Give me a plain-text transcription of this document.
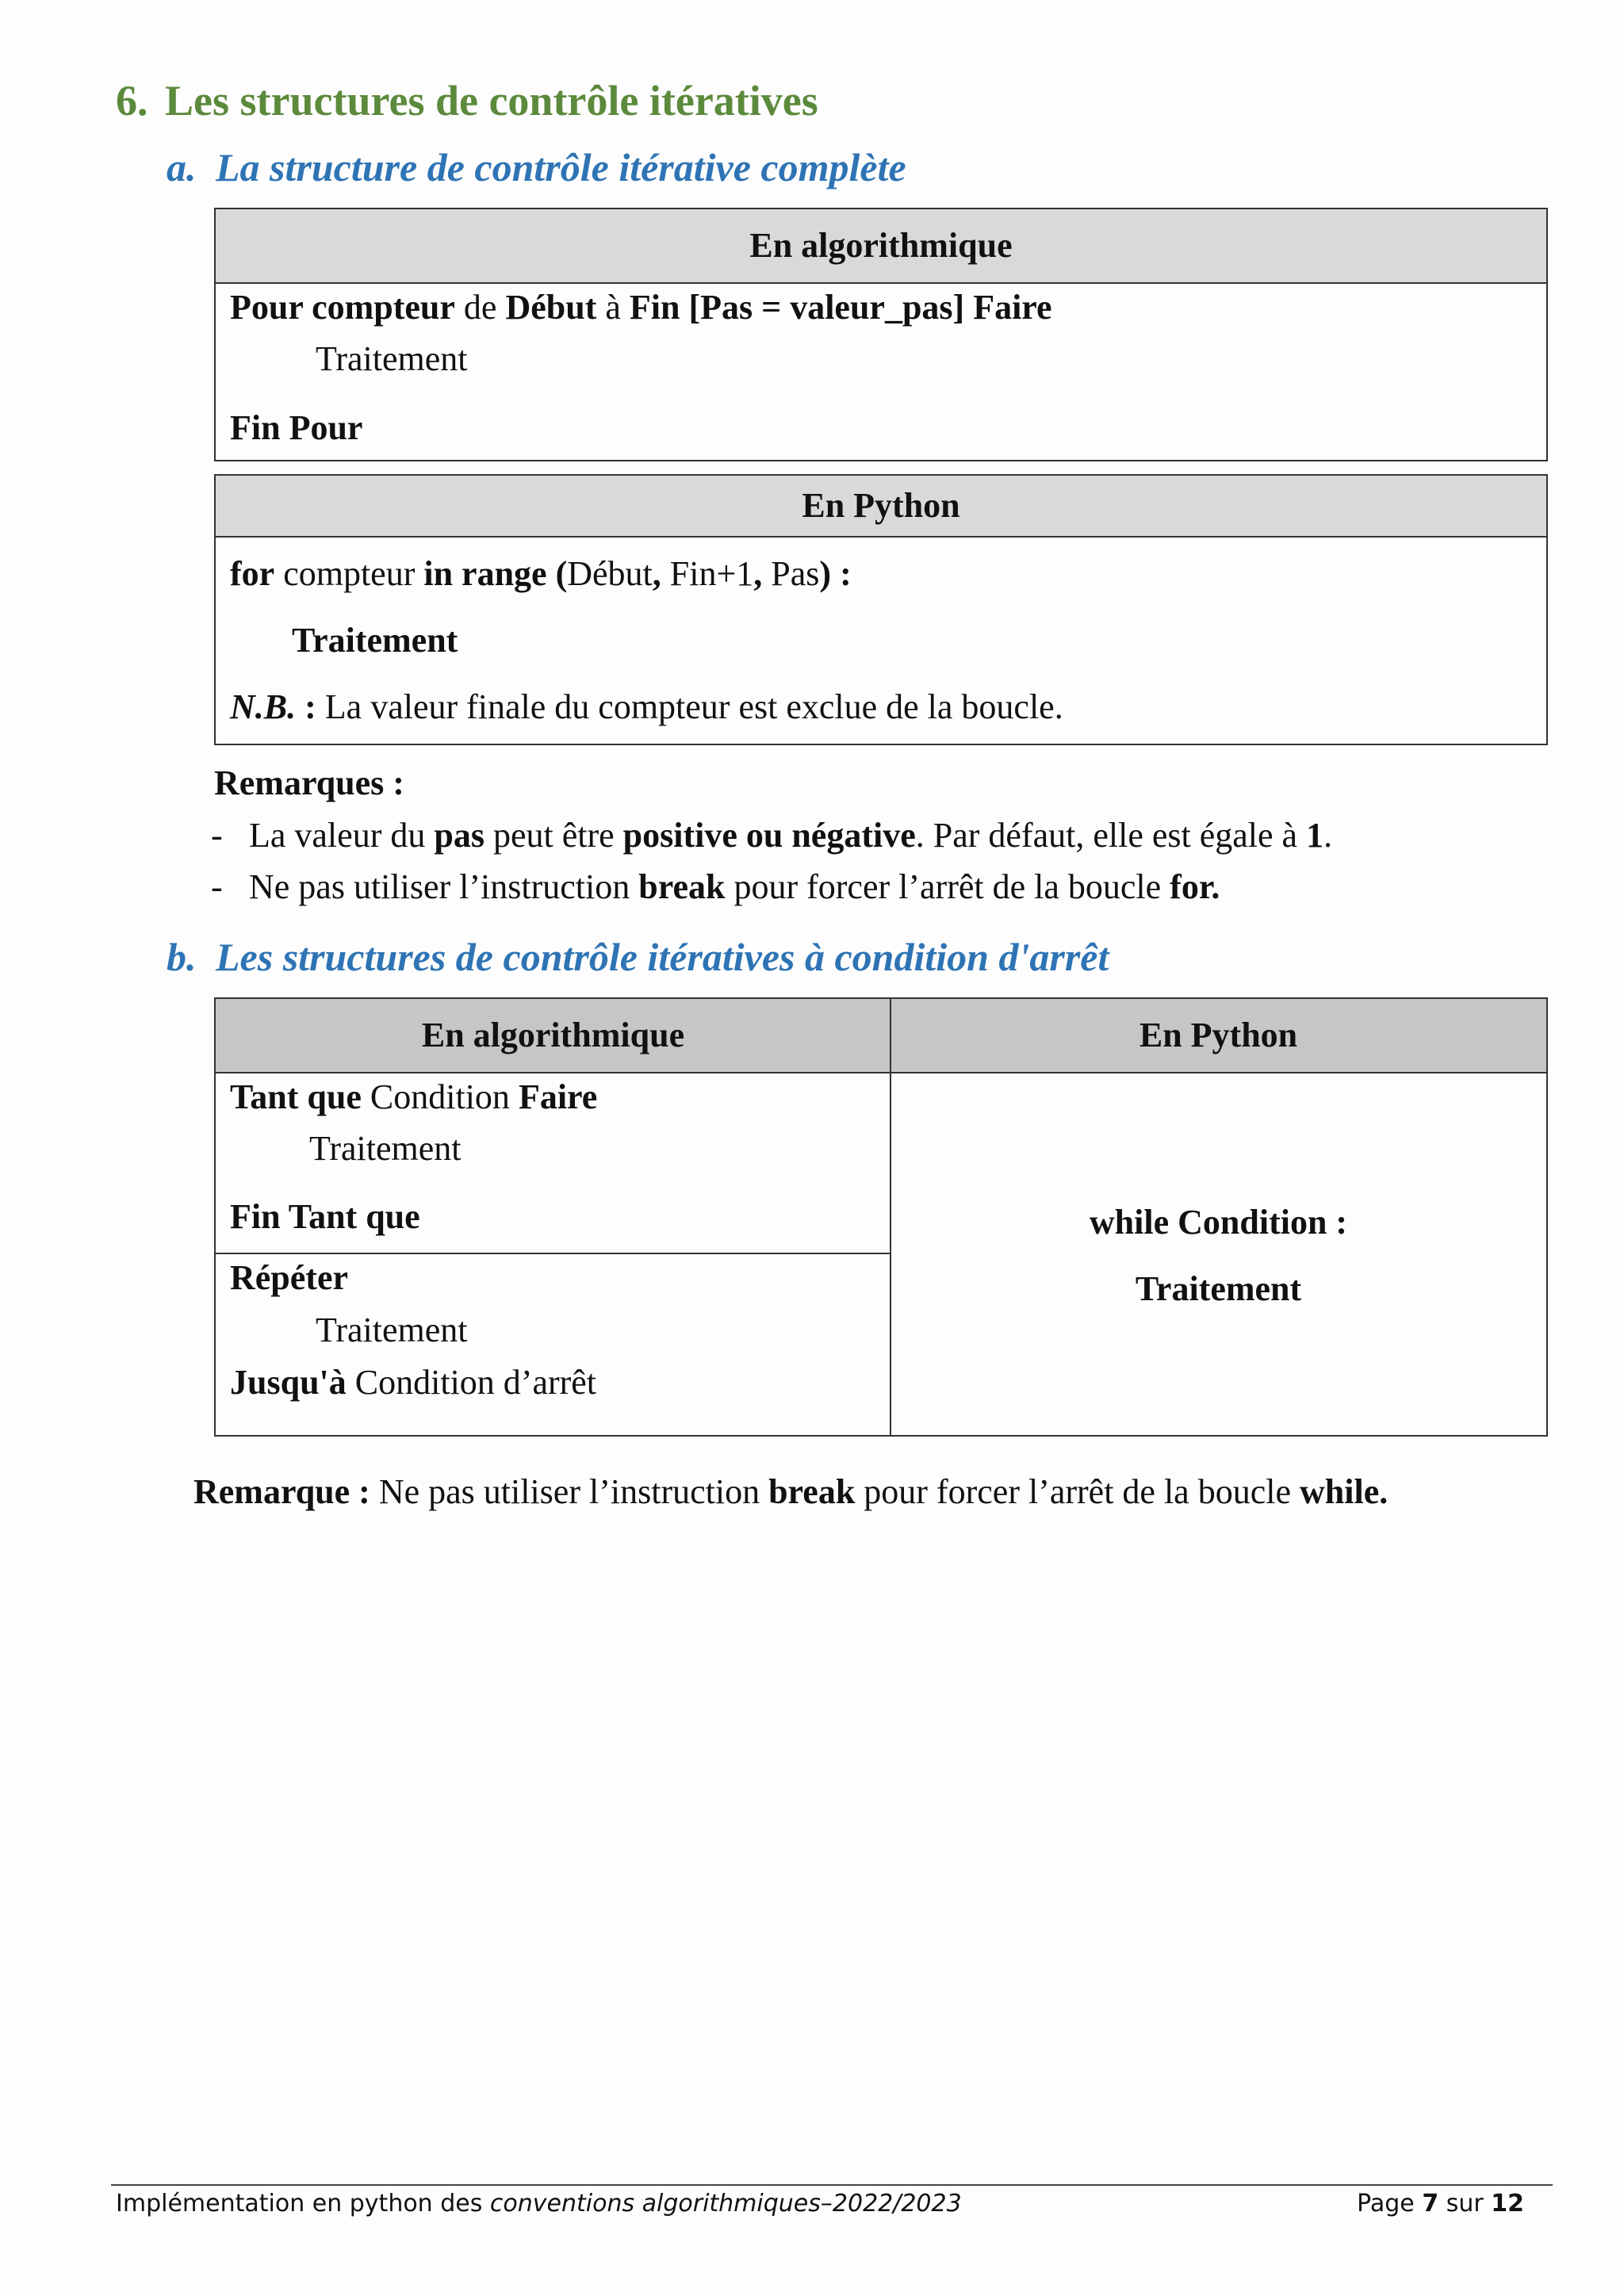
6. Les structures de contrôle itératives
a. La structure de contrôle itérative complète
En algorithmique
Pour compteur de Début à Fin [Pas = valeur_pas] Faire
Traitement
Fin Pour
En Python
for compteur in range (Début, Fin+1, Pas) :
Traitement
N.B. : La valeur finale du compteur est exclue de la boucle.
Remarques :
- La valeur du pas peut être positive ou négative. Par défaut, elle est égale à 1.
- Ne pas utiliser l’instruction break pour forcer l’arrêt de la boucle for.
b. Les structures de contrôle itératives à condition d'arrêt
En algorithmique	En Python
Tant que Condition Faire
Traitement
Fin Tant que
Répéter
Traitement
Jusqu'à Condition d’arrêt
while Condition :
Traitement
Remarque : Ne pas utiliser l’instruction break pour forcer l’arrêt de la boucle while.
Implémentation en python des conventions algorithmiques–2022/2023	Page 7 sur 12
